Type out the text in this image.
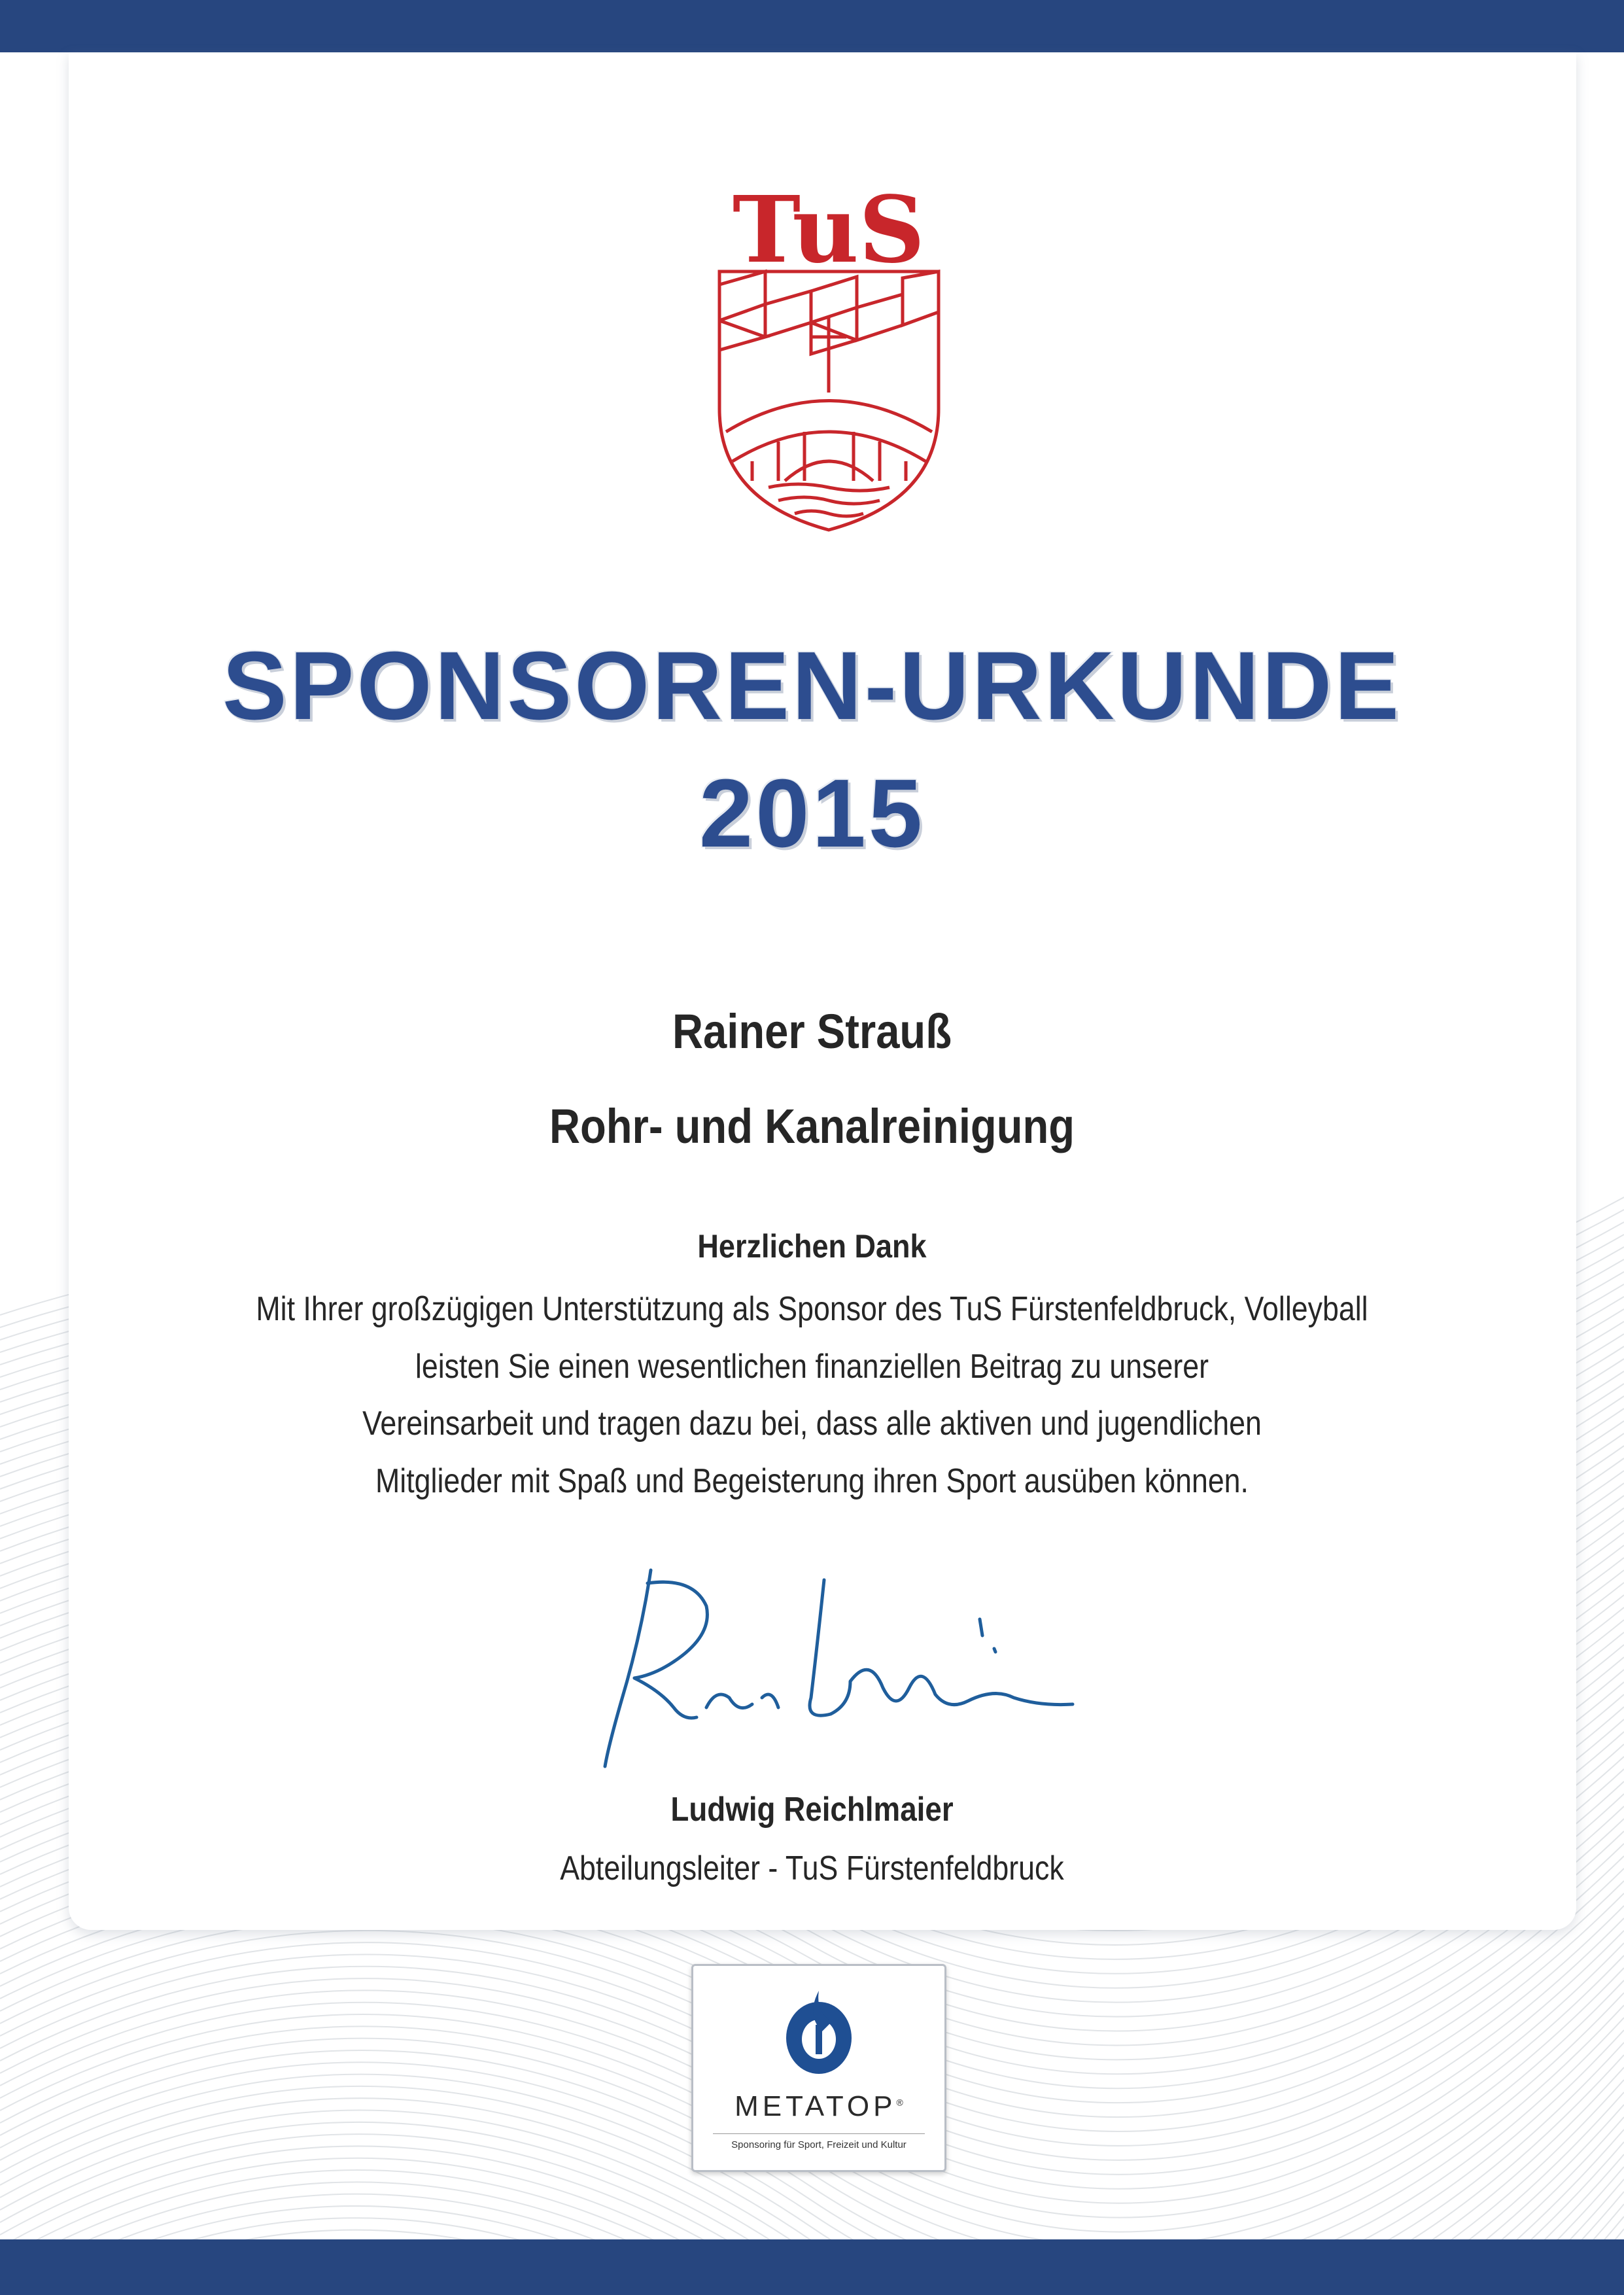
TuS
SPONSOREN-URKUNDE
2015
Rainer Strauß
Rohr- und Kanalreinigung
Herzlichen Dank
Mit Ihrer großzügigen Unterstützung als Sponsor des TuS Fürstenfeldbruck, Volleyball
leisten Sie einen wesentlichen finanziellen Beitrag zu unserer
Vereinsarbeit und tragen dazu bei, dass alle aktiven und jugendlichen
Mitglieder mit Spaß und Begeisterung ihren Sport ausüben können.
Ludwig Reichlmaier
Abteilungsleiter - TuS Fürstenfeldbruck
METATOP®
Sponsoring für Sport, Freizeit und Kultur
